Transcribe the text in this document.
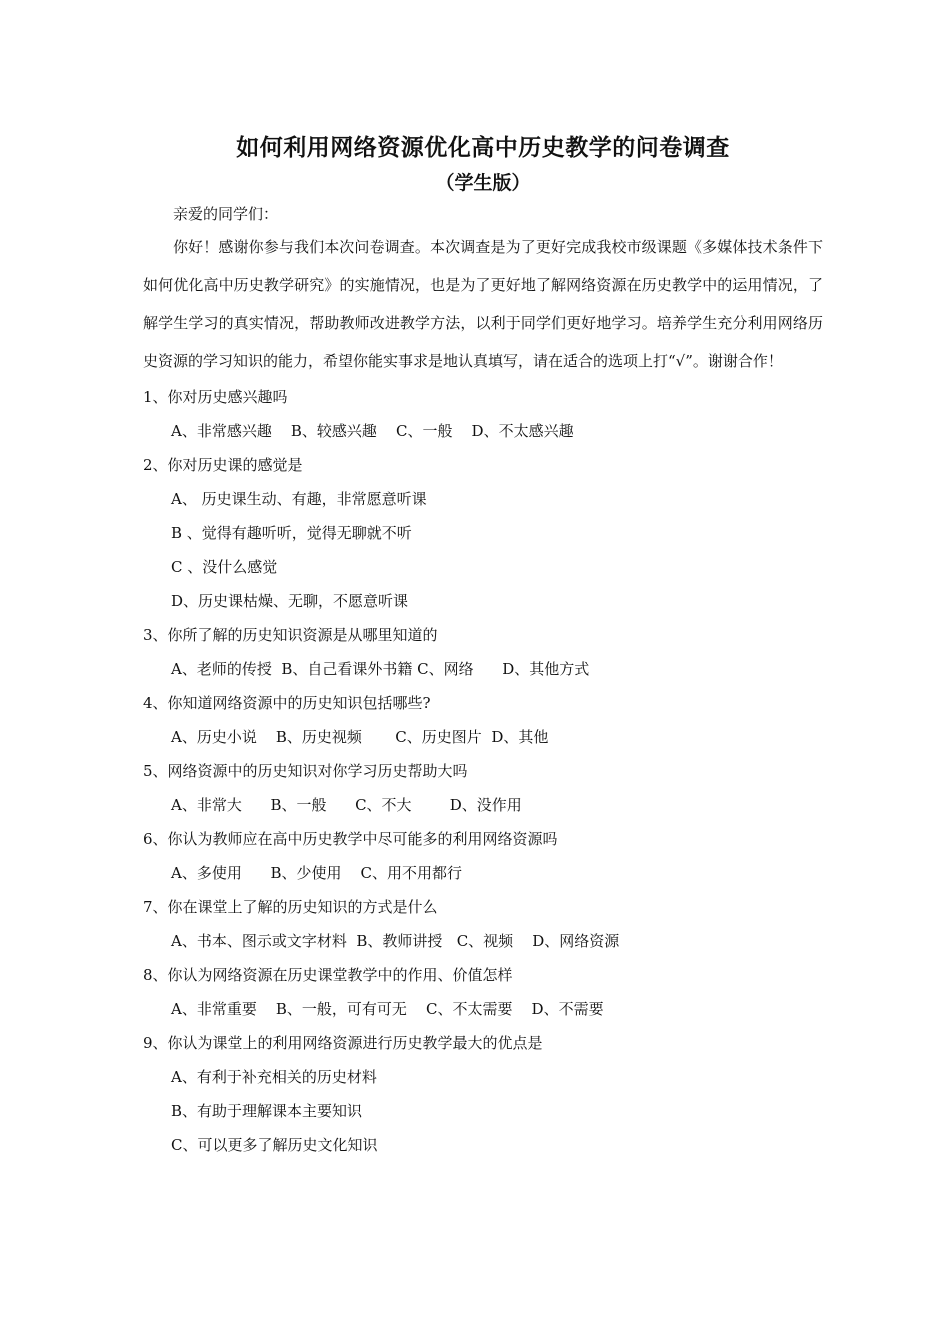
如何利用网络资源优化高中历史教学的问卷调查
（学生版）

亲爱的同学们：

你好！感谢你参与我们本次问卷调查。本次调查是为了更好完成我校市级课题《多媒体技术条件下如何优化高中历史教学研究》的实施情况，也是为了更好地了解网络资源在历史教学中的运用情况，了解学生学习的真实情况，帮助教师改进教学方法，以利于同学们更好地学习。培养学生充分利用网络历史资源的学习知识的能力，希望你能实事求是地认真填写，请在适合的选项上打“√”。谢谢合作！

1、你对历史感兴趣吗

A、非常感兴趣    B、较感兴趣    C、一般    D、不太感兴趣

2、你对历史课的感觉是

A、 历史课生动、有趣，非常愿意听课

B 、觉得有趣听听，觉得无聊就不听

C 、没什么感觉

D、历史课枯燥、无聊，不愿意听课

3、你所了解的历史知识资源是从哪里知道的

A、老师的传授  B、自己看课外书籍 C、网络      D、其他方式

4、你知道网络资源中的历史知识包括哪些?

A、历史小说    B、历史视频       C、历史图片  D、其他

5、网络资源中的历史知识对你学习历史帮助大吗

A、非常大      B、一般      C、不大        D、没作用

6、你认为教师应在高中历史教学中尽可能多的利用网络资源吗

A、多使用      B、少使用    C、用不用都行

7、你在课堂上了解的历史知识的方式是什么

A、书本、图示或文字材料  B、教师讲授   C、视频    D、网络资源

8、你认为网络资源在历史课堂教学中的作用、价值怎样

A、非常重要    B、一般，可有可无    C、不太需要    D、不需要

9、你认为课堂上的利用网络资源进行历史教学最大的优点是

A、有利于补充相关的历史材料

B、有助于理解课本主要知识

C、可以更多了解历史文化知识
